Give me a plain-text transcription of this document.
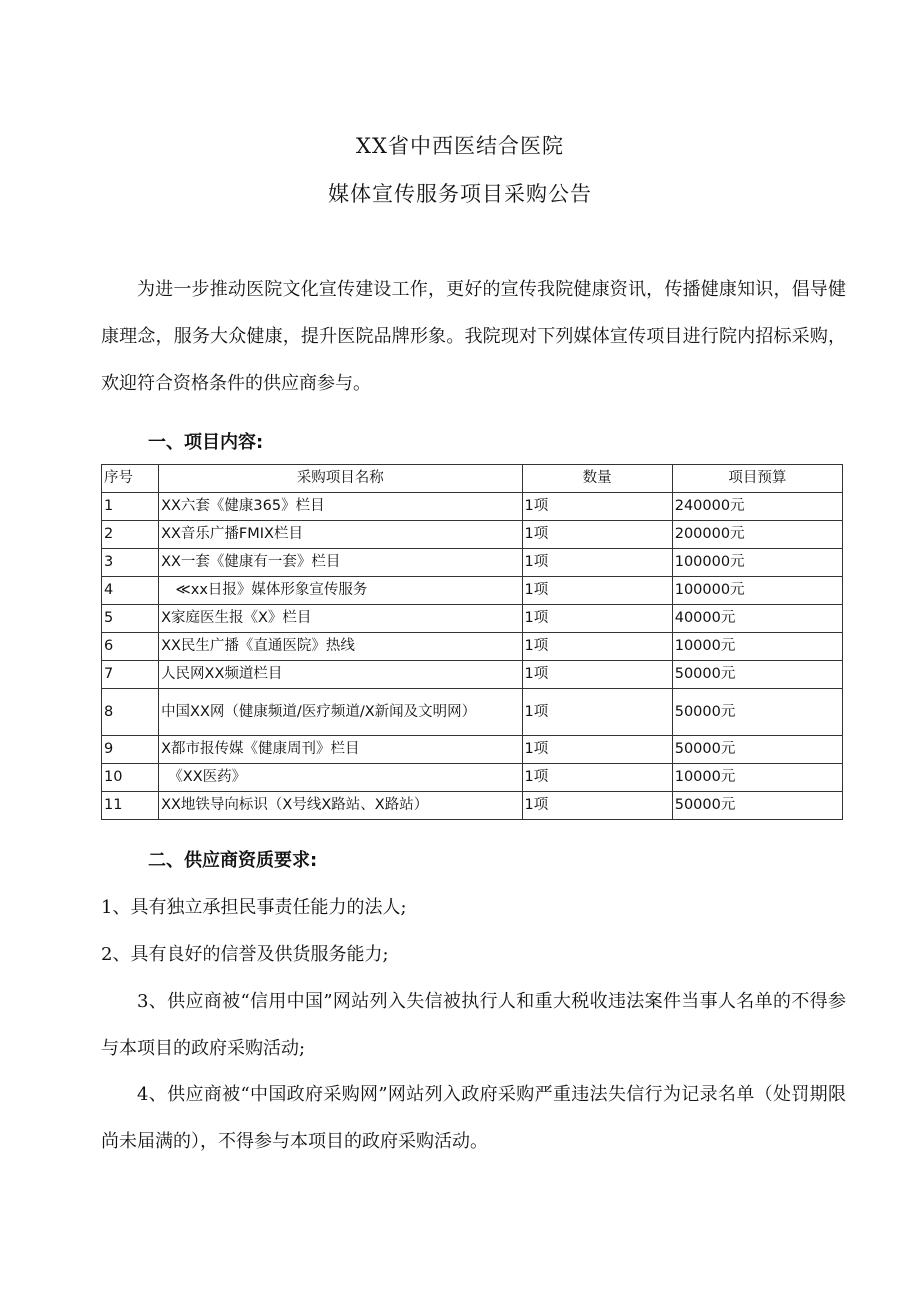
XX省中西医结合医院
媒体宣传服务项目采购公告
为进一步推动医院文化宣传建设工作，更好的宣传我院健康资讯，传播健康知识，倡导健康理念，服务大众健康，提升医院品牌形象。我院现对下列媒体宣传项目进行院内招标采购，欢迎符合资格条件的供应商参与。
一、项目内容:
序号	采购项目名称	数量	项目预算
1	XX六套《健康365》栏目	1项	240000元
2	XX音乐广播FMIX栏目	1项	200000元
3	XX一套《健康有一套》栏目	1项	100000元
4	　≪xx日报》媒体形象宣传服务	1项	100000元
5	X家庭医生报《X》栏目	1项	40000元
6	XX民生广播《直通医院》热线	1项	10000元
7	人民网XX频道栏目	1项	50000元
8	中国XX网（健康频道/医疗频道/X新闻及文明网）	1项	50000元
9	X都市报传媒《健康周刊》栏目	1项	50000元
10	　《XX医药》	1项	10000元
11	XX地铁导向标识（X号线X路站、X路站）	1项	50000元
二、供应商资质要求:
1、具有独立承担民事责任能力的法人;
2、具有良好的信誉及供货服务能力;
3、供应商被“信用中国”网站列入失信被执行人和重大税收违法案件当事人名单的不得参与本项目的政府采购活动;
4、供应商被“中国政府采购网”网站列入政府采购严重违法失信行为记录名单（处罚期限尚未届满的），不得参与本项目的政府采购活动。
